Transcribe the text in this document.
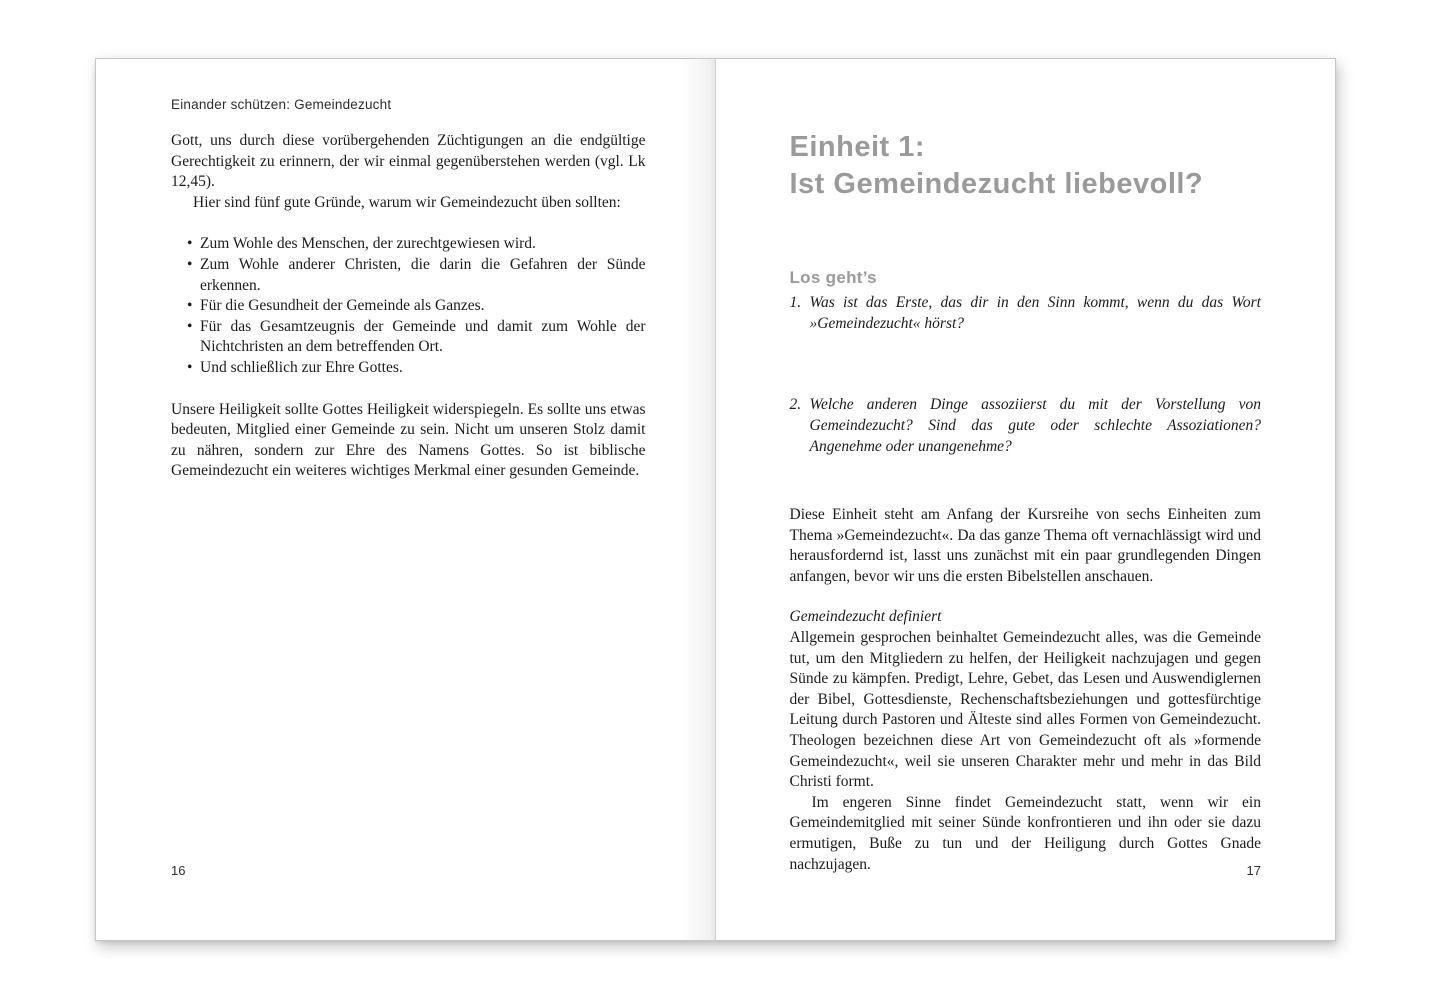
Einander schützen: Gemeindezucht

Gott, uns durch diese vorübergehenden Züchtigungen an die endgültige Gerechtigkeit zu erinnern, der wir einmal gegenüberstehen werden (vgl. Lk 12,45).

Hier sind fünf gute Gründe, warum wir Gemeindezucht üben sollten:

• Zum Wohle des Menschen, der zurechtgewiesen wird.
• Zum Wohle anderer Christen, die darin die Gefahren der Sünde erkennen.
• Für die Gesundheit der Gemeinde als Ganzes.
• Für das Gesamtzeugnis der Gemeinde und damit zum Wohle der Nichtchristen an dem betreffenden Ort.
• Und schließlich zur Ehre Gottes.

Unsere Heiligkeit sollte Gottes Heiligkeit widerspiegeln. Es sollte uns etwas bedeuten, Mitglied einer Gemeinde zu sein. Nicht um unseren Stolz damit zu nähren, sondern zur Ehre des Namens Gottes. So ist biblische Gemeindezucht ein weiteres wichtiges Merkmal einer gesunden Gemeinde.

16
Einheit 1:
Ist Gemeindezucht liebevoll?
Los geht’s
1. Was ist das Erste, das dir in den Sinn kommt, wenn du das Wort »Gemeindezucht« hörst?
2. Welche anderen Dinge assoziierst du mit der Vorstellung von Gemeindezucht? Sind das gute oder schlechte Assoziationen? Angenehme oder unangenehme?

Diese Einheit steht am Anfang der Kursreihe von sechs Einheiten zum Thema »Gemeindezucht«. Da das ganze Thema oft vernachlässigt wird und herausfordernd ist, lasst uns zunächst mit ein paar grundlegenden Dingen anfangen, bevor wir uns die ersten Bibelstellen anschauen.

Gemeindezucht definiert

Allgemein gesprochen beinhaltet Gemeindezucht alles, was die Gemeinde tut, um den Mitgliedern zu helfen, der Heiligkeit nachzujagen und gegen Sünde zu kämpfen. Predigt, Lehre, Gebet, das Lesen und Auswendiglernen der Bibel, Gottesdienste, Rechenschaftsbeziehungen und gottesfürchtige Leitung durch Pastoren und Älteste sind alles Formen von Gemeindezucht. Theologen bezeichnen diese Art von Gemeindezucht oft als »formende Gemeindezucht«, weil sie unseren Charakter mehr und mehr in das Bild Christi formt.

Im engeren Sinne findet Gemeindezucht statt, wenn wir ein Gemeindemitglied mit seiner Sünde konfrontieren und ihn oder sie dazu ermutigen, Buße zu tun und der Heiligung durch Gottes Gnade nachzujagen.	17
